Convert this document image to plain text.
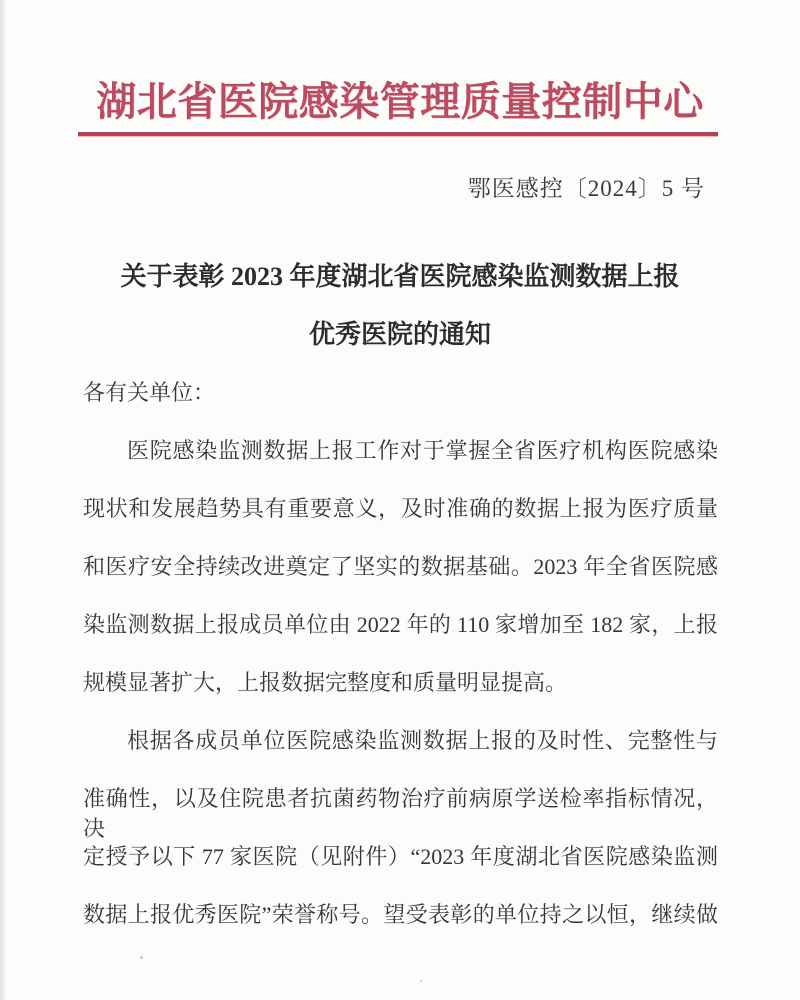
湖北省医院感染管理质量控制中心
鄂医感控〔2024〕5 号
关于表彰 2023 年度湖北省医院感染监测数据上报
优秀医院的通知
各有关单位：
医院感染监测数据上报工作对于掌握全省医疗机构医院感染
现状和发展趋势具有重要意义，及时准确的数据上报为医疗质量
和医疗安全持续改进奠定了坚实的数据基础。2023 年全省医院感
染监测数据上报成员单位由 2022 年的 110 家增加至 182 家，上报
规模显著扩大，上报数据完整度和质量明显提高。
根据各成员单位医院感染监测数据上报的及时性、完整性与
准确性，以及住院患者抗菌药物治疗前病原学送检率指标情况，决
定授予以下 77 家医院（见附件）“2023 年度湖北省医院感染监测
数据上报优秀医院”荣誉称号。望受表彰的单位持之以恒，继续做
